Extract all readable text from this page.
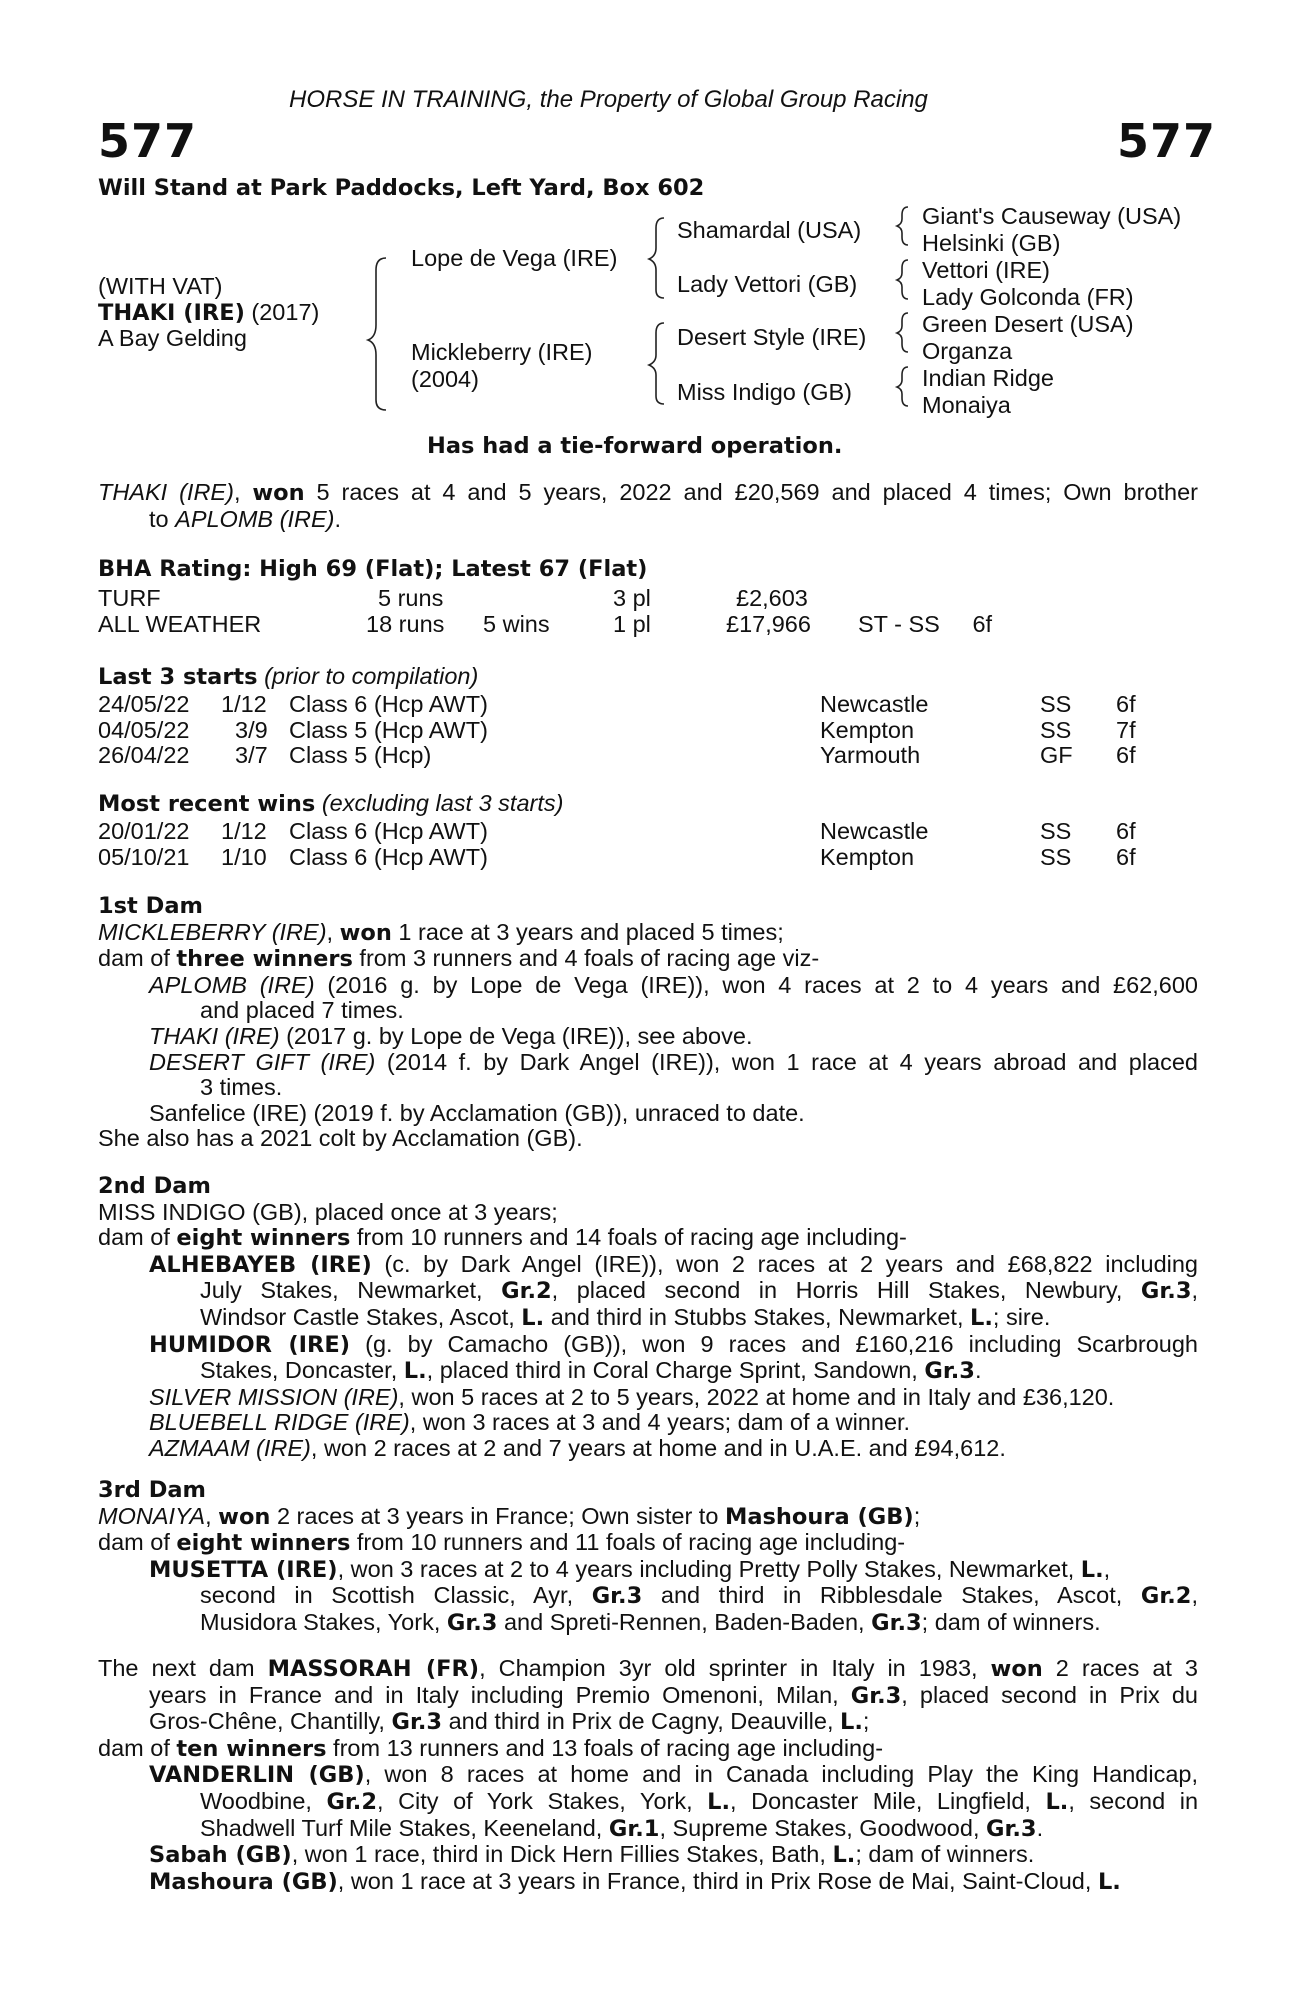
HORSE IN TRAINING, the Property of Global Group Racing
577	577
Will Stand at Park Paddocks, Left Yard, Box 602
(WITH VAT)
THAKI (IRE) (2017)
A Bay Gelding
Lope de Vega (IRE)
Mickleberry (IRE)
(2004)
Shamardal (USA)
Lady Vettori (GB)
Desert Style (IRE)
Miss Indigo (GB)
Giant's Causeway (USA)
Helsinki (GB)
Vettori (IRE)
Lady Golconda (FR)
Green Desert (USA)
Organza
Indian Ridge
Monaiya
Has had a tie-forward operation.
THAKI (IRE), won 5 races at 4 and 5 years, 2022 and £20,569 and placed 4 times; Own brother
to APLOMB (IRE).
BHA Rating: High 69 (Flat); Latest 67 (Flat)
TURF	5 runs	3 pl	£2,603
ALL WEATHER	18 runs 5 wins	1 pl	£17,966 ST - SS     6f
Last 3 starts (prior to compilation)
24/05/22 1/12 Class 6 (Hcp AWT)	Newcastle	SS 6f
04/05/22 3/9 Class 5 (Hcp AWT)	Kempton	SS 7f
26/04/22 3/7 Class 5 (Hcp)	Yarmouth	GF 6f
Most recent wins (excluding last 3 starts)
20/01/22 1/12 Class 6 (Hcp AWT)	Newcastle	SS 6f
05/10/21 1/10 Class 6 (Hcp AWT)	Kempton	SS 6f
1st Dam
MICKLEBERRY (IRE), won 1 race at 3 years and placed 5 times;
dam of three winners from 3 runners and 4 foals of racing age viz-
APLOMB (IRE) (2016 g. by Lope de Vega (IRE)), won 4 races at 2 to 4 years and £62,600
and placed 7 times.
THAKI (IRE) (2017 g. by Lope de Vega (IRE)), see above.
DESERT GIFT (IRE) (2014 f. by Dark Angel (IRE)), won 1 race at 4 years abroad and placed
3 times.
Sanfelice (IRE) (2019 f. by Acclamation (GB)), unraced to date.
She also has a 2021 colt by Acclamation (GB).
2nd Dam
MISS INDIGO (GB), placed once at 3 years;
dam of eight winners from 10 runners and 14 foals of racing age including-
ALHEBAYEB (IRE) (c. by Dark Angel (IRE)), won 2 races at 2 years and £68,822 including
July Stakes, Newmarket, Gr.2, placed second in Horris Hill Stakes, Newbury, Gr.3,
Windsor Castle Stakes, Ascot, L. and third in Stubbs Stakes, Newmarket, L.; sire.
HUMIDOR (IRE) (g. by Camacho (GB)), won 9 races and £160,216 including Scarbrough
Stakes, Doncaster, L., placed third in Coral Charge Sprint, Sandown, Gr.3.
SILVER MISSION (IRE), won 5 races at 2 to 5 years, 2022 at home and in Italy and £36,120.
BLUEBELL RIDGE (IRE), won 3 races at 3 and 4 years; dam of a winner.
AZMAAM (IRE), won 2 races at 2 and 7 years at home and in U.A.E. and £94,612.
3rd Dam
MONAIYA, won 2 races at 3 years in France; Own sister to Mashoura (GB);
dam of eight winners from 10 runners and 11 foals of racing age including-
MUSETTA (IRE), won 3 races at 2 to 4 years including Pretty Polly Stakes, Newmarket, L.,
second in Scottish Classic, Ayr, Gr.3 and third in Ribblesdale Stakes, Ascot, Gr.2,
Musidora Stakes, York, Gr.3 and Spreti-Rennen, Baden-Baden, Gr.3; dam of winners.
The next dam MASSORAH (FR), Champion 3yr old sprinter in Italy in 1983, won 2 races at 3
years in France and in Italy including Premio Omenoni, Milan, Gr.3, placed second in Prix du
Gros-Chêne, Chantilly, Gr.3 and third in Prix de Cagny, Deauville, L.;
dam of ten winners from 13 runners and 13 foals of racing age including-
VANDERLIN (GB), won 8 races at home and in Canada including Play the King Handicap,
Woodbine, Gr.2, City of York Stakes, York, L., Doncaster Mile, Lingfield, L., second in
Shadwell Turf Mile Stakes, Keeneland, Gr.1, Supreme Stakes, Goodwood, Gr.3.
Sabah (GB), won 1 race, third in Dick Hern Fillies Stakes, Bath, L.; dam of winners.
Mashoura (GB), won 1 race at 3 years in France, third in Prix Rose de Mai, Saint-Cloud, L.
